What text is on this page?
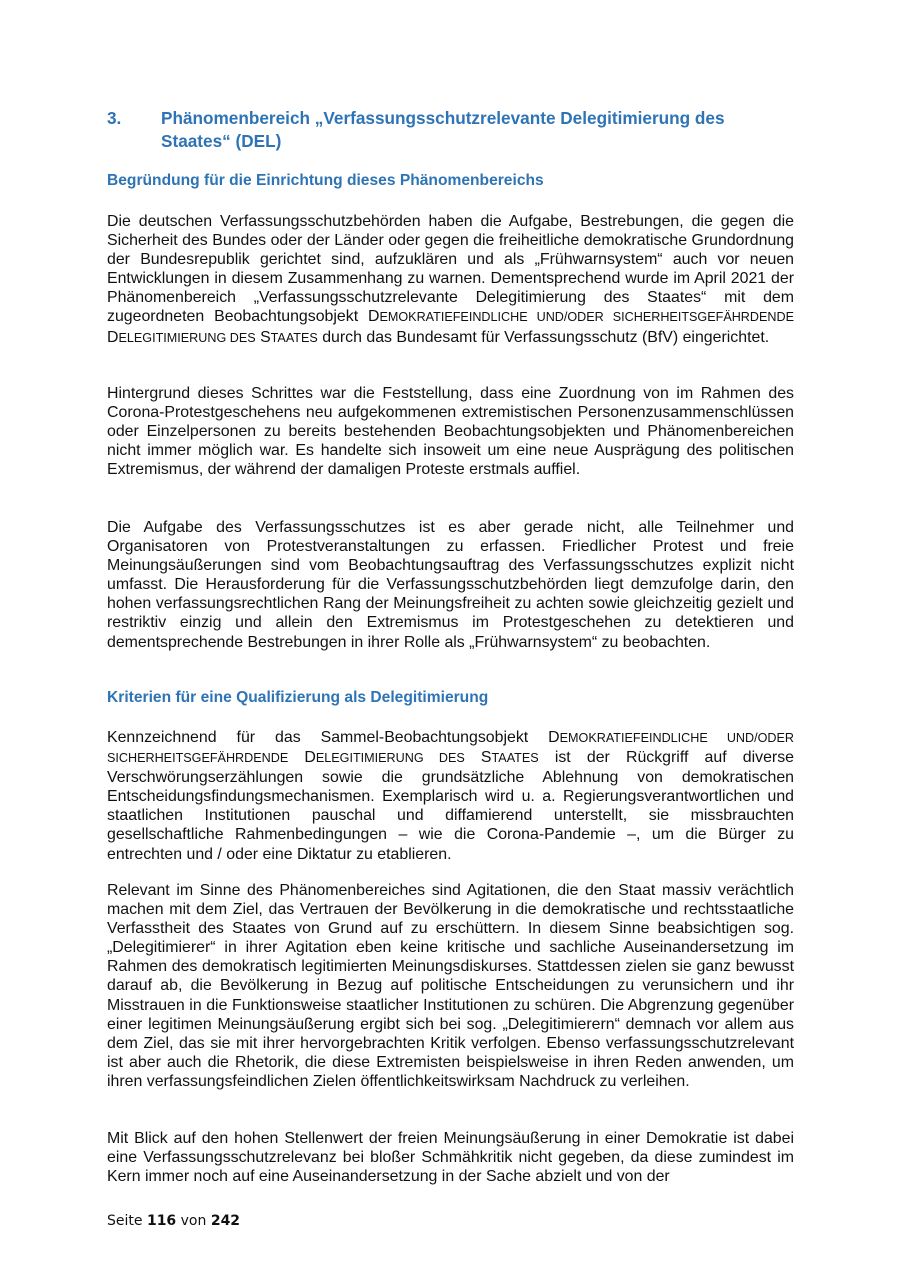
3. Phänomenbereich „Verfassungsschutzrelevante Delegitimierung des Staates“ (DEL)
Begründung für die Einrichtung dieses Phänomenbereichs
Die deutschen Verfassungsschutzbehörden haben die Aufgabe, Bestrebungen, die gegen die Sicherheit des Bundes oder der Länder oder gegen die freiheitliche demokratische Grundordnung der Bundesrepublik gerichtet sind, aufzuklären und als „Frühwarnsystem“ auch vor neuen Entwicklungen in diesem Zusammenhang zu warnen. Dementsprechend wurde im April 2021 der Phänomenbereich „Verfassungsschutzrelevante Delegitimierung des Staates“ mit dem zugeordneten Beobachtungsobjekt DEMOKRATIEFEINDLICHE UND/ODER SICHERHEITSGEFÄHRDENDE DELEGITIMIERUNG DES STAATES durch das Bundesamt für Verfassungsschutz (BfV) eingerichtet.
Hintergrund dieses Schrittes war die Feststellung, dass eine Zuordnung von im Rahmen des Corona-Protestgeschehens neu aufgekommenen extremistischen Personenzusammenschlüssen oder Einzelpersonen zu bereits bestehenden Beobachtungsobjekten und Phänomenbereichen nicht immer möglich war. Es handelte sich insoweit um eine neue Ausprägung des politischen Extremismus, der während der damaligen Proteste erstmals auffiel.
Die Aufgabe des Verfassungsschutzes ist es aber gerade nicht, alle Teilnehmer und Organisatoren von Protestveranstaltungen zu erfassen. Friedlicher Protest und freie Meinungsäußerungen sind vom Beobachtungsauftrag des Verfassungsschutzes explizit nicht umfasst. Die Herausforderung für die Verfassungsschutzbehörden liegt demzufolge darin, den hohen verfassungsrechtlichen Rang der Meinungsfreiheit zu achten sowie gleichzeitig gezielt und restriktiv einzig und allein den Extremismus im Protestgeschehen zu detektieren und dementsprechende Bestrebungen in ihrer Rolle als „Frühwarnsystem“ zu beobachten.
Kriterien für eine Qualifizierung als Delegitimierung
Kennzeichnend für das Sammel-Beobachtungsobjekt DEMOKRATIEFEINDLICHE UND/ODER SICHERHEITSGEFÄHRDENDE DELEGITIMIERUNG DES STAATES ist der Rückgriff auf diverse Verschwörungserzählungen sowie die grundsätzliche Ablehnung von demokratischen Entscheidungsfindungsmechanismen. Exemplarisch wird u. a. Regierungsverantwortlichen und staatlichen Institutionen pauschal und diffamierend unterstellt, sie missbrauchten gesellschaftliche Rahmenbedingungen – wie die Corona-Pandemie –, um die Bürger zu entrechten und / oder eine Diktatur zu etablieren.
Relevant im Sinne des Phänomenbereiches sind Agitationen, die den Staat massiv verächtlich machen mit dem Ziel, das Vertrauen der Bevölkerung in die demokratische und rechtsstaatliche Verfasstheit des Staates von Grund auf zu erschüttern. In diesem Sinne beabsichtigen sog. „Delegitimierer“ in ihrer Agitation eben keine kritische und sachliche Auseinandersetzung im Rahmen des demokratisch legitimierten Meinungsdiskurses. Stattdessen zielen sie ganz bewusst darauf ab, die Bevölkerung in Bezug auf politische Entscheidungen zu verunsichern und ihr Misstrauen in die Funktionsweise staatlicher Institutionen zu schüren. Die Abgrenzung gegenüber einer legitimen Meinungsäußerung ergibt sich bei sog. „Delegitimierern“ demnach vor allem aus dem Ziel, das sie mit ihrer hervorgebrachten Kritik verfolgen. Ebenso verfassungsschutzrelevant ist aber auch die Rhetorik, die diese Extremisten beispielsweise in ihren Reden anwenden, um ihren verfassungsfeindlichen Zielen öffentlichkeitswirksam Nachdruck zu verleihen.
Mit Blick auf den hohen Stellenwert der freien Meinungsäußerung in einer Demokratie ist dabei eine Verfassungsschutzrelevanz bei bloßer Schmähkritik nicht gegeben, da diese zumindest im Kern immer noch auf eine Auseinandersetzung in der Sache abzielt und von der
Seite 116 von 242
